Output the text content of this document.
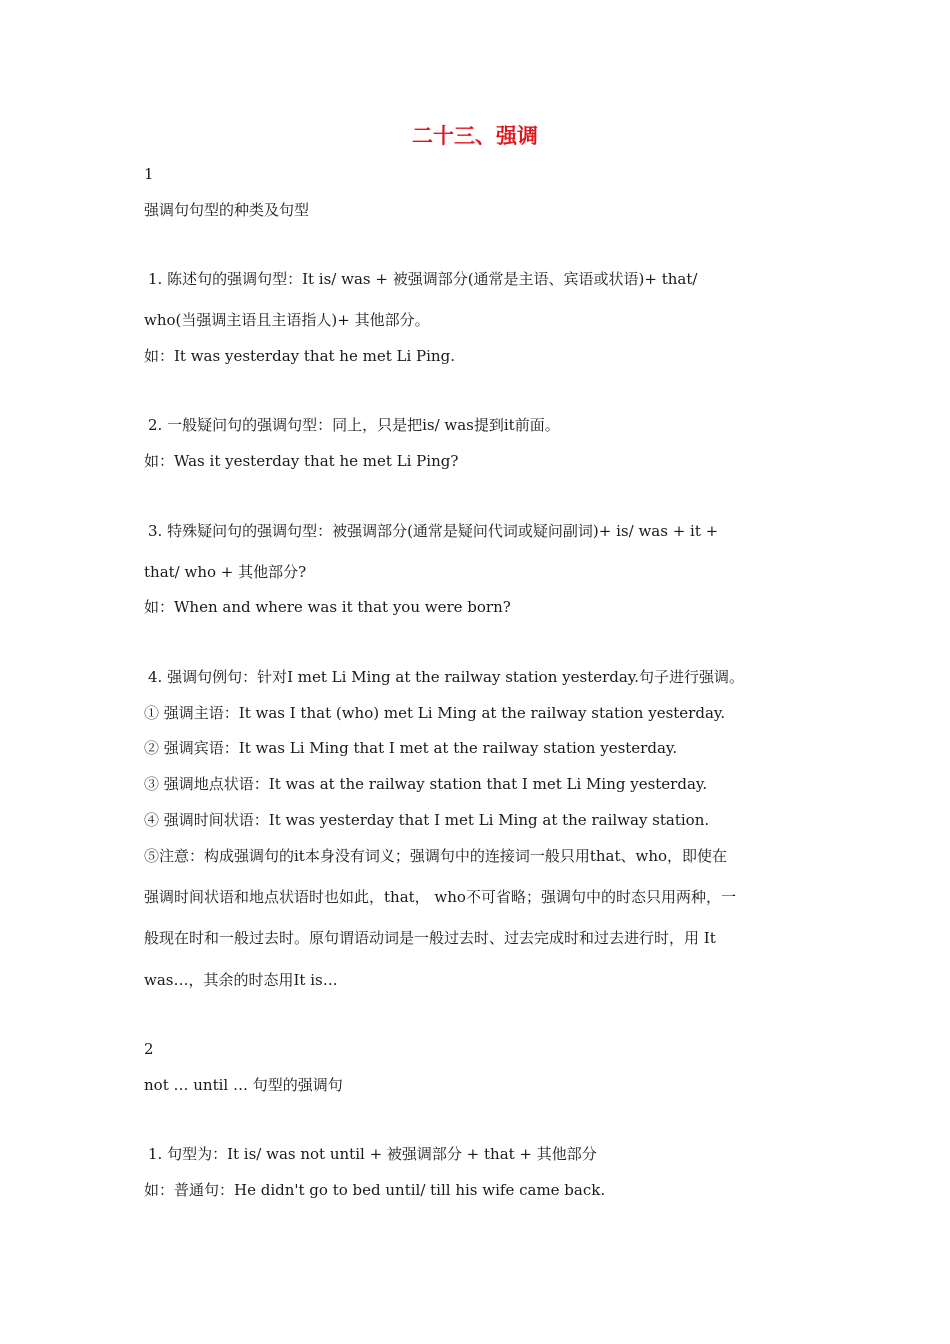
二十三、强调
1
强调句句型的种类及句型
1. 陈述句的强调句型：It is/ was + 被强调部分(通常是主语、宾语或状语)+ that/
who(当强调主语且主语指人)+ 其他部分。
如：It was yesterday that he met Li Ping.
2. 一般疑问句的强调句型：同上，只是把is/ was提到it前面。
如：Was it yesterday that he met Li Ping?
3. 特殊疑问句的强调句型：被强调部分(通常是疑问代词或疑问副词)+ is/ was + it +
that/ who + 其他部分?
如：When and where was it that you were born?
4. 强调句例句：针对I met Li Ming at the railway station yesterday.句子进行强调。
① 强调主语：It was I that (who) met Li Ming at the railway station yesterday.
② 强调宾语：It was Li Ming that I met at the railway station yesterday.
③ 强调地点状语：It was at the railway station that I met Li Ming yesterday.
④ 强调时间状语：It was yesterday that I met Li Ming at the railway station.
⑤注意：构成强调句的it本身没有词义；强调句中的连接词一般只用that、who，即使在
强调时间状语和地点状语时也如此，that， who不可省略；强调句中的时态只用两种，一
般现在时和一般过去时。原句谓语动词是一般过去时、过去完成时和过去进行时，用 It
was…，其余的时态用It is…
2
not … until … 句型的强调句
1. 句型为：It is/ was not until + 被强调部分 + that + 其他部分
如：普通句：He didn't go to bed until/ till his wife came back.
